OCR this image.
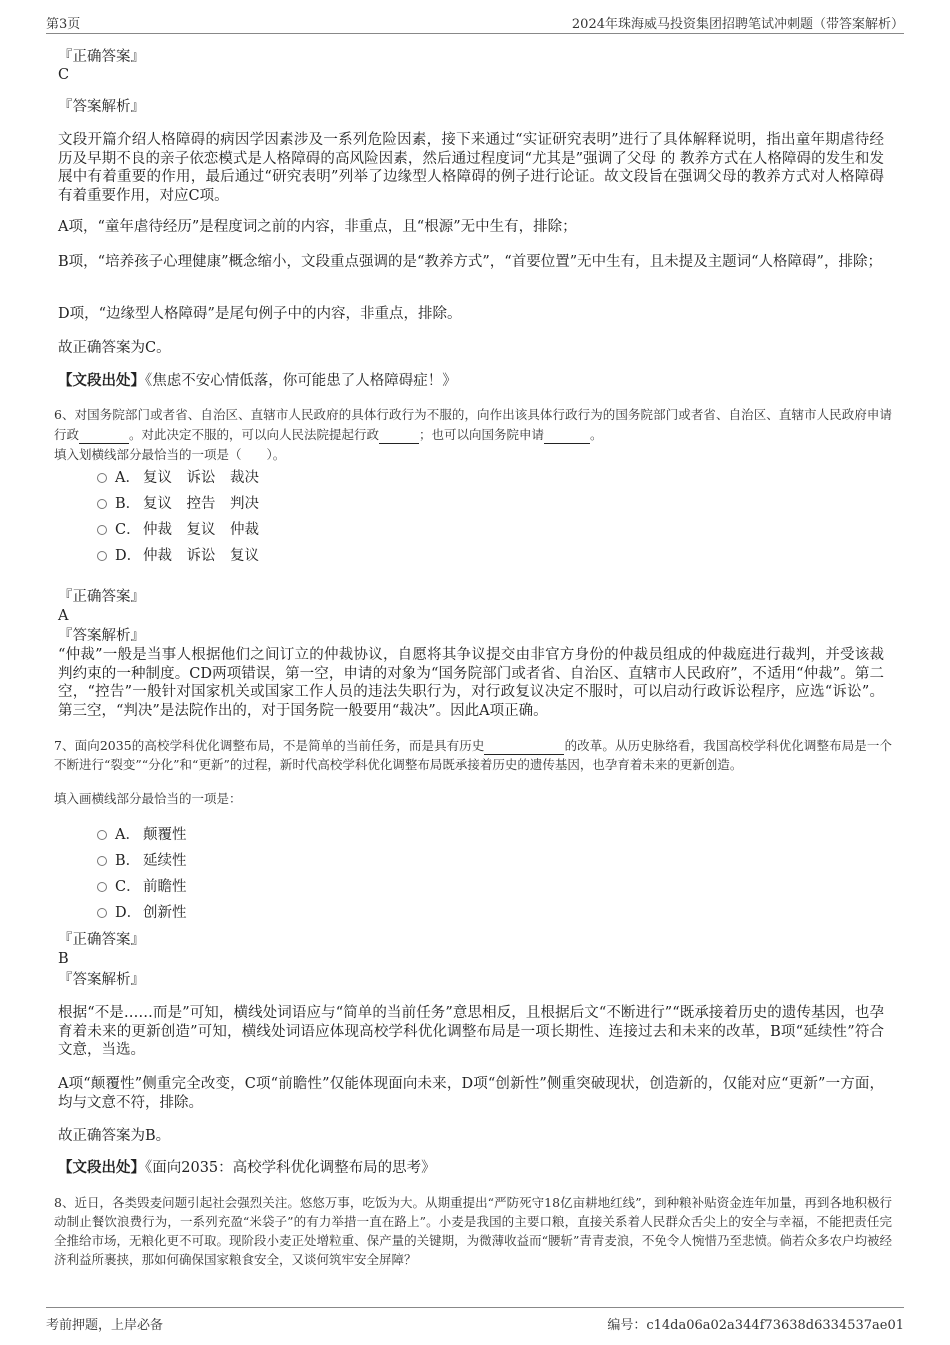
第3页	2024年珠海威马投资集团招聘笔试冲刺题（带答案解析）
『正确答案』
C
『答案解析』
文段开篇介绍人格障碍的病因学因素涉及一系列危险因素，接下来通过“实证研究表明”进行了具体解释说明，指出童年期虐待经历及早期不良的亲子依恋模式是人格障碍的高风险因素，然后通过程度词“尤其是”强调了父母 的 教养方式在人格障碍的发生和发展中有着重要的作用，最后通过“研究表明”列举了边缘型人格障碍的例子进行论证。故文段旨在强调父母的教养方式对人格障碍有着重要作用，对应C项。
A项，“童年虐待经历”是程度词之前的内容，非重点，且“根源”无中生有，排除；
B项，“培养孩子心理健康”概念缩小，文段重点强调的是“教养方式”，“首要位置”无中生有，且未提及主题词“人格障碍”，排除；
D项，“边缘型人格障碍”是尾句例子中的内容，非重点，排除。
故正确答案为C。
【文段出处】《焦虑不安心情低落，你可能患了人格障碍症！》
6、对国务院部门或者省、自治区、直辖市人民政府的具体行政行为不服的，向作出该具体行政行为的国务院部门或者省、自治区、直辖市人民政府申请行政	。对此决定不服的，可以向人民法院提起行政	；也可以向国务院申请	。
填入划横线部分最恰当的一项是（　　）。
A． 复议　诉讼　裁决
B． 复议　控告　判决
C． 仲裁　复议　仲裁
D． 仲裁　诉讼　复议
『正确答案』
A
『答案解析』
“仲裁”一般是当事人根据他们之间订立的仲裁协议，自愿将其争议提交由非官方身份的仲裁员组成的仲裁庭进行裁判，并受该裁判约束的一种制度。CD两项错误，第一空，申请的对象为“国务院部门或者省、自治区、直辖市人民政府”，不适用“仲裁”。第二空，“控告”一般针对国家机关或国家工作人员的违法失职行为，对行政复议决定不服时，可以启动行政诉讼程序，应选“诉讼”。第三空，“判决”是法院作出的，对于国务院一般要用“裁决”。因此A项正确。
7、面向2035的高校学科优化调整布局，不是简单的当前任务，而是具有历史	的改革。从历史脉络看，我国高校学科优化调整布局是一个不断进行“裂变”“分化”和“更新”的过程，新时代高校学科优化调整布局既承接着历史的遗传基因，也孕育着未来的更新创造。
填入画横线部分最恰当的一项是：
A． 颠覆性
B． 延续性
C． 前瞻性
D． 创新性
『正确答案』
B
『答案解析』
根据“不是……而是”可知，横线处词语应与“简单的当前任务”意思相反，且根据后文“不断进行”“既承接着历史的遗传基因，也孕育着未来的更新创造”可知，横线处词语应体现高校学科优化调整布局是一项长期性、连接过去和未来的改革，B项“延续性”符合文意，当选。
A项“颠覆性”侧重完全改变，C项“前瞻性”仅能体现面向未来，D项“创新性”侧重突破现状，创造新的，仅能对应“更新”一方面，均与文意不符，排除。
故正确答案为B。
【文段出处】《面向2035：高校学科优化调整布局的思考》
8、近日，各类毁麦问题引起社会强烈关注。悠悠万事，吃饭为大。从期重提出“严防死守18亿亩耕地红线”，到种粮补贴资金连年加量，再到各地积极行动制止餐饮浪费行为，一系列充盈“米袋子”的有力举措一直在路上”。小麦是我国的主要口粮，直接关系着人民群众舌尖上的安全与幸福，不能把责任完全推给市场，无粮化更不可取。现阶段小麦正处增粒重、保产量的关键期，为微薄收益而“腰斩”青青麦浪，不免令人惋惜乃至悲愤。倘若众多农户均被经济利益所裹挟，那如何确保国家粮食安全，又谈何筑牢安全屏障？
考前押题，上岸必备	编号：c14da06a02a344f73638d6334537ae01
